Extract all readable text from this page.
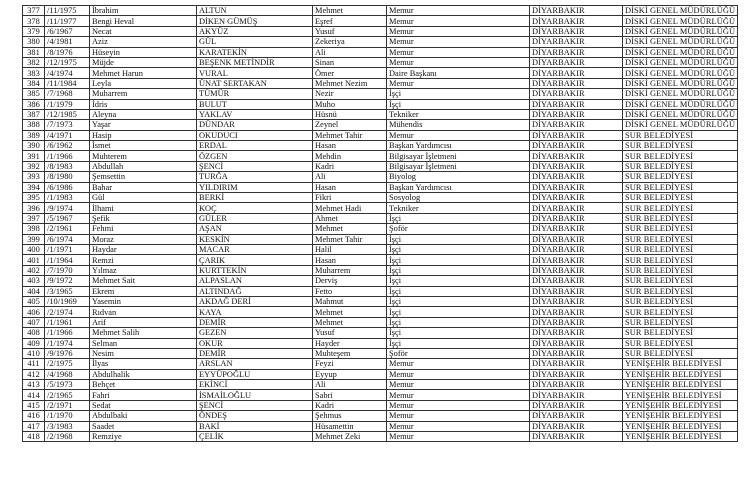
377	/11/1975	İbrahim	ALTUN	Mehmet	Memur	DİYARBAKIR	DİSKİ GENEL MÜDÜRLÜĞÜ
378	/11/1977	Bengi Heval	DİKEN GÜMÜŞ	Eşref	Memur	DİYARBAKIR	DİSKİ GENEL MÜDÜRLÜĞÜ
379	/6/1967	Necat	AKYÜZ	Yusuf	Memur	DİYARBAKIR	DİSKİ GENEL MÜDÜRLÜĞÜ
380	/4/1981	Aziz	GÜL	Zekeriya	Memur	DİYARBAKIR	DİSKİ GENEL MÜDÜRLÜĞÜ
381	/8/1976	Hüseyin	KARATEKİN	Ali	Memur	DİYARBAKIR	DİSKİ GENEL MÜDÜRLÜĞÜ
382	/12/1975	Müjde	BEŞENK METİNDİR	Sinan	Memur	DİYARBAKIR	DİSKİ GENEL MÜDÜRLÜĞÜ
383	/4/1974	Mehmet Harun	VURAL	Ömer	Daire Başkanı	DİYARBAKIR	DİSKİ GENEL MÜDÜRLÜĞÜ
384	/11/1984	Leyla	ÜNAT SERTAKAN	Mehmet Nezim	Memur	DİYARBAKIR	DİSKİ GENEL MÜDÜRLÜĞÜ
385	/7/1968	Muharrem	TÜMÜR	Nezir	İşçi	DİYARBAKIR	DİSKİ GENEL MÜDÜRLÜĞÜ
386	/1/1979	İdris	BULUT	Muho	İşçi	DİYARBAKIR	DİSKİ GENEL MÜDÜRLÜĞÜ
387	/12/1985	Aleyna	YAKLAV	Hüsnü	Tekniker	DİYARBAKIR	DİSKİ GENEL MÜDÜRLÜĞÜ
388	/7/1973	Yaşar	DÜNDAR	Zeynel	Mühendis	DİYARBAKIR	DİSKİ GENEL MÜDÜRLÜĞÜ
389	/4/1971	Hasip	OKUDUCI	Mehmet Tahir	Memur	DİYARBAKIR	SUR BELEDİYESİ
390	/6/1962	İsmet	ERDAL	Hasan	Başkan Yardımcısı	DİYARBAKIR	SUR BELEDİYESİ
391	/1/1966	Muhterem	ÖZGEN	Mehdin	Bilgisayar İşletmeni	DİYARBAKIR	SUR BELEDİYESİ
392	/8/1983	Abdullah	ŞENCİ	Kadri	Bilgisayar İşletmeni	DİYARBAKIR	SUR BELEDİYESİ
393	/8/1980	Şemsettin	TURĞA	Ali	Biyolog	DİYARBAKIR	SUR BELEDİYESİ
394	/6/1986	Bahar	YILDIRIM	Hasan	Başkan Yardımcısı	DİYARBAKIR	SUR BELEDİYESİ
395	/1/1983	Gül	BERKİ	Fikri	Sosyolog	DİYARBAKIR	SUR BELEDİYESİ
396	/9/1974	İlhami	KOÇ	Mehmet Hadi	Tekniker	DİYARBAKIR	SUR BELEDİYESİ
397	/5/1967	Şefik	GÜLER	Ahmet	İşçi	DİYARBAKIR	SUR BELEDİYESİ
398	/2/1961	Fehmi	AŞAN	Mehmet	Şoför	DİYARBAKIR	SUR BELEDİYESİ
399	/6/1974	Moraz	KESKİN	Mehmet Tahir	İşçi	DİYARBAKIR	SUR BELEDİYESİ
400	/1/1971	Haydar	MACAR	Halil	İşçi	DİYARBAKIR	SUR BELEDİYESİ
401	/1/1964	Remzi	ÇARIK	Hasan	İşçi	DİYARBAKIR	SUR BELEDİYESİ
402	/7/1970	Yılmaz	KURTTEKİN	Muharrem	İşçi	DİYARBAKIR	SUR BELEDİYESİ
403	/9/1972	Mehmet Sait	ALPASLAN	Derviş	İşçi	DİYARBAKIR	SUR BELEDİYESİ
404	/3/1965	Ekrem	ALTINDAĞ	Fetto	İşçi	DİYARBAKIR	SUR BELEDİYESİ
405	/10/1969	Yasemin	AKDAĞ DERİ	Mahmut	İşçi	DİYARBAKIR	SUR BELEDİYESİ
406	/2/1974	Rıdvan	KAYA	Mehmet	İşçi	DİYARBAKIR	SUR BELEDİYESİ
407	/1/1961	Arif	DEMİR	Mehmet	İşçi	DİYARBAKIR	SUR BELEDİYESİ
408	/1/1966	Mehmet Salih	GEZEN	Yusuf	İşçi	DİYARBAKIR	SUR BELEDİYESİ
409	/1/1974	Selman	OKUR	Hayder	İşçi	DİYARBAKIR	SUR BELEDİYESİ
410	/9/1976	Nesim	DEMİR	Muhteşem	Şoför	DİYARBAKIR	SUR BELEDİYESİ
411	/2/1975	İlyas	ARSLAN	Feyzi	Memur	DİYARBAKIR	YENİŞEHİR BELEDİYESİ
412	/4/1968	Abdulhalik	EYYÜPOĞLU	Eyyup	Memur	DİYARBAKIR	YENİŞEHİR BELEDİYESİ
413	/5/1973	Behçet	EKİNCİ	Ali	Memur	DİYARBAKIR	YENİŞEHİR BELEDİYESİ
414	/2/1965	Fahri	İSMAİLOĞLU	Sabri	Memur	DİYARBAKIR	YENİŞEHİR BELEDİYESİ
415	/2/1971	Sedat	ŞENCİ	Kadri	Memur	DİYARBAKIR	YENİŞEHİR BELEDİYESİ
416	/1/1970	Abdulbaki	ÖNDEŞ	Şehmus	Memur	DİYARBAKIR	YENİŞEHİR BELEDİYESİ
417	/3/1983	Saadet	BAKİ	Hüsamettin	Memur	DİYARBAKIR	YENİŞEHİR BELEDİYESİ
418	/2/1968	Remziye	ÇELİK	Mehmet Zeki	Memur	DİYARBAKIR	YENİŞEHİR BELEDİYESİ
